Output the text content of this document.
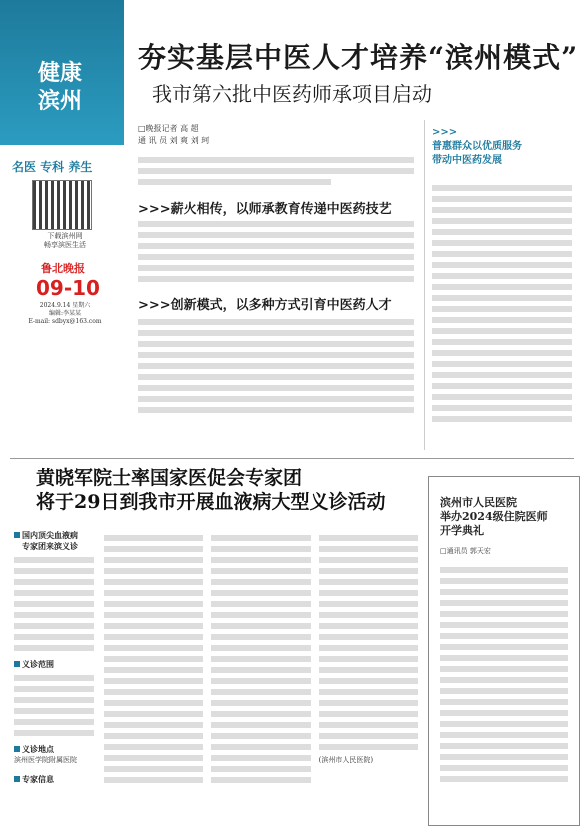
健康
滨州
名医 专科 养生
下载滨州网
畅享滨医生活
鲁北晚报
09-10
2024.9.14 星期六
编辑:李某某
E-mail: sdbyx@163.com
夯实基层中医人才培养“滨州模式”
我市第六批中医药师承项目启动
□晚报记者 高 超
通 讯 员 刘 爽 刘 珂
>>>薪火相传，以师承教育传递中医药技艺
>>>创新模式，以多种方式引育中医药人才
>>>
普惠群众以优质服务
带动中医药发展
黄晓军院士率国家医促会专家团
将于29日到我市开展血液病大型义诊活动
国内顶尖血液病
专家团来滨义诊
义诊范围
义诊地点
滨州医学院附属医院
专家信息
(滨州市人民医院)
滨州市人民医院
举办2024级住院医师
开学典礼
□通讯员 郭天宏
